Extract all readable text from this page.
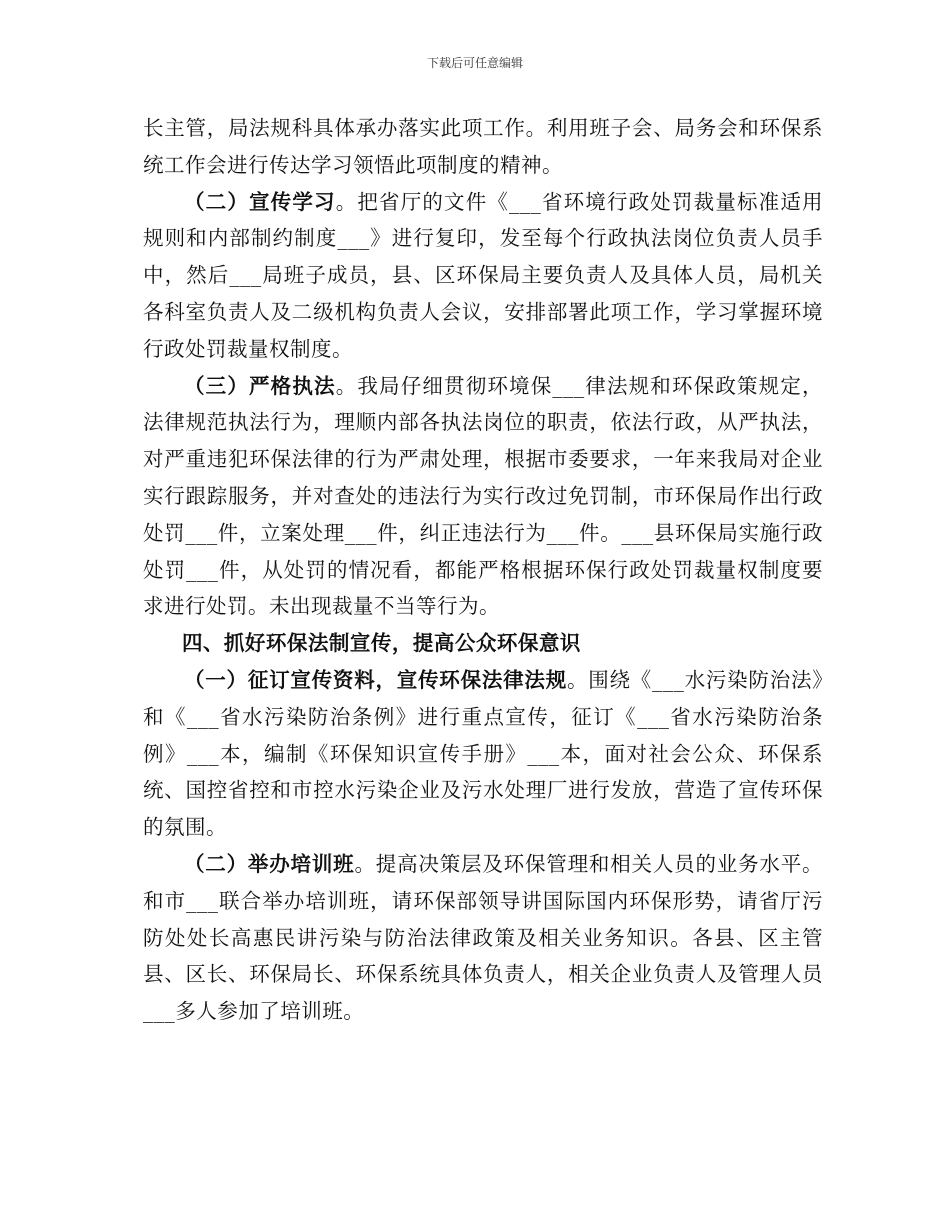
下载后可任意编辑

长主管，局法规科具体承办落实此项工作。利用班子会、局务会和环保系统工作会进行传达学习领悟此项制度的精神。

（二）宣传学习。把省厅的文件《___省环境行政处罚裁量标准适用规则和内部制约制度___》进行复印，发至每个行政执法岗位负责人员手中，然后___局班子成员，县、区环保局主要负责人及具体人员，局机关各科室负责人及二级机构负责人会议，安排部署此项工作，学习掌握环境行政处罚裁量权制度。

（三）严格执法。我局仔细贯彻环境保___律法规和环保政策规定，法律规范执法行为，理顺内部各执法岗位的职责，依法行政，从严执法，对严重违犯环保法律的行为严肃处理，根据市委要求，一年来我局对企业实行跟踪服务，并对查处的违法行为实行改过免罚制，市环保局作出行政处罚___件，立案处理___件，纠正违法行为___件。___县环保局实施行政处罚___件，从处罚的情况看，都能严格根据环保行政处罚裁量权制度要求进行处罚。未出现裁量不当等行为。

四、抓好环保法制宣传，提高公众环保意识

（一）征订宣传资料，宣传环保法律法规。围绕《___水污染防治法》和《___省水污染防治条例》进行重点宣传，征订《___省水污染防治条例》___本，编制《环保知识宣传手册》___本，面对社会公众、环保系统、国控省控和市控水污染企业及污水处理厂进行发放，营造了宣传环保的氛围。

（二）举办培训班。提高决策层及环保管理和相关人员的业务水平。和市___联合举办培训班，请环保部领导讲国际国内环保形势，请省厅污防处处长高惠民讲污染与防治法律政策及相关业务知识。各县、区主管县、区长、环保局长、环保系统具体负责人，相关企业负责人及管理人员___多人参加了培训班。
